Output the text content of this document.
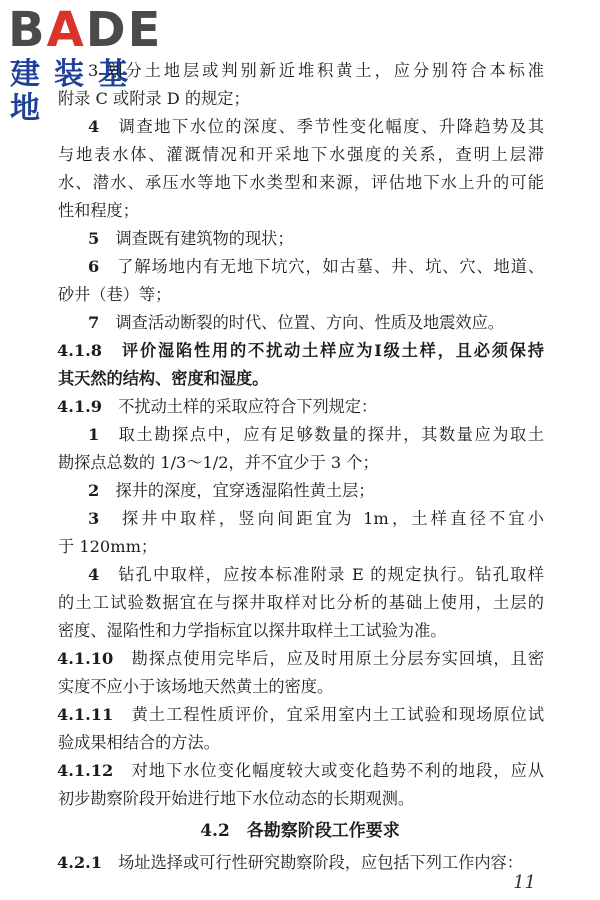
BADE
建装基地
3 划分土地层或判别新近堆积黄土，应分别符合本标准
附录 C 或附录 D 的规定；
4　 调查地下水位的深度、季节性变化幅度、升降趋势及其
与地表水体、灌溉情况和开采地下水强度的关系，查明上层滞
水、潜水、承压水等地下水类型和来源，评估地下水上升的可能
性和程度；
5　 调查既有建筑物的现状；
6　 了解场地内有无地下坑穴，如古墓、井、坑、穴、地道、
砂井（巷）等；
7　 调查活动断裂的时代、位置、方向、性质及地震效应。
4.1.8　 评价湿陷性用的不扰动土样应为Ⅰ级土样，且必须保持
其天然的结构、密度和湿度。
4.1.9　 不扰动土样的采取应符合下列规定：
1　 取土勘探点中，应有足够数量的探井，其数量应为取土
勘探点总数的 1/3～1/2，并不宜少于 3 个；
2　 探井的深度，宜穿透湿陷性黄土层；
3　 探井中取样，竖向间距宜为 1m，土样直径不宜小
于 120mm；
4　 钻孔中取样，应按本标准附录 E 的规定执行。钻孔取样
的土工试验数据宜在与探井取样对比分析的基础上使用，土层的
密度、湿陷性和力学指标宜以探井取样土工试验为准。
4.1.10　 勘探点使用完毕后，应及时用原土分层夯实回填，且密
实度不应小于该场地天然黄土的密度。
4.1.11　 黄土工程性质评价，宜采用室内土工试验和现场原位试
验成果相结合的方法。
4.1.12　 对地下水位变化幅度较大或变化趋势不利的地段，应从
初步勘察阶段开始进行地下水位动态的长期观测。
4.2　 各勘察阶段工作要求
4.2.1　 场址选择或可行性研究勘察阶段，应包括下列工作内容：
11
